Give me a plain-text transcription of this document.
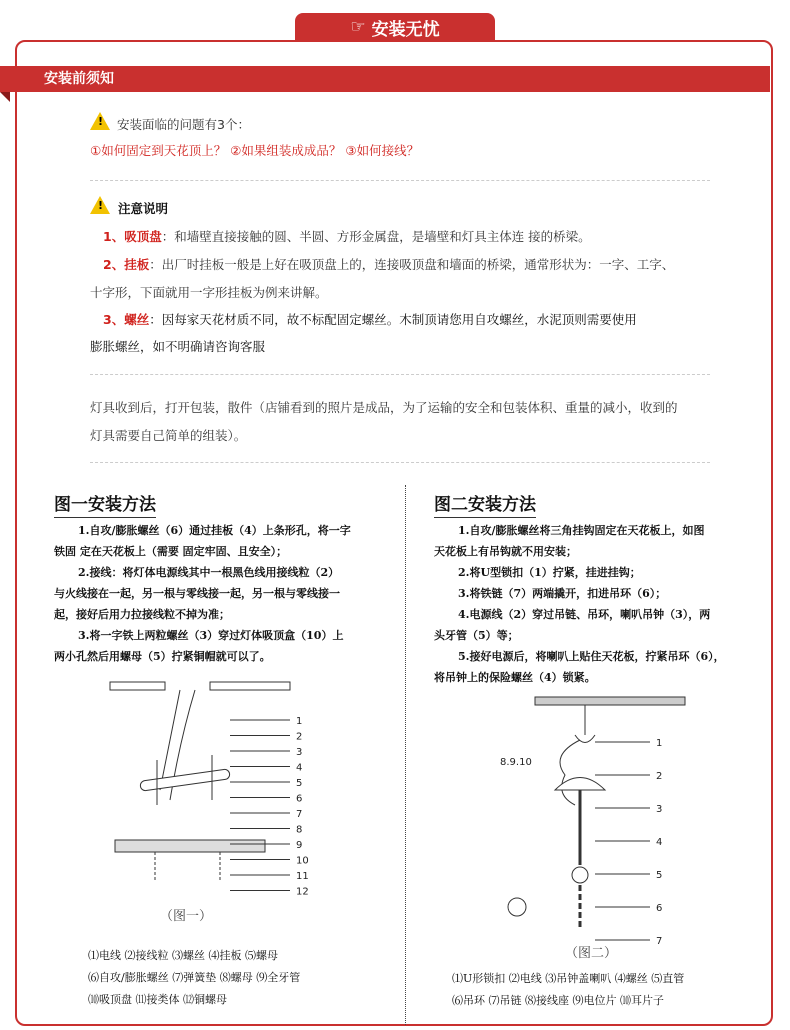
☞ 安装无忧
安装前须知
! 安装面临的问题有3个：
①如何固定到天花顶上？ ②如果组装成成品？ ③如何接线？
! 注意说明
1、吸顶盘：和墙壁直接接触的圆、半圆、方形金属盘，是墙壁和灯具主体连 接的桥梁。
2、挂板：出厂时挂板一般是上好在吸顶盘上的，连接吸顶盘和墙面的桥梁，通常形状为：一字、工字、
十字形，下面就用一字形挂板为例来讲解。
3、螺丝：因每家天花材质不同，故不标配固定螺丝。木制顶请您用自攻螺丝，水泥顶则需要使用
膨胀螺丝，如不明确请咨询客服
灯具收到后，打开包装，散件（店铺看到的照片是成品，为了运输的安全和包装体积、重量的减小，收到的
灯具需要自己简单的组装）。
图一安装方法
1.自攻/膨胀螺丝（6）通过挂板（4）上条形孔，将一字
铁固 定在天花板上（需要 固定牢固、且安全）；
2.接线：将灯体电源线其中一根黑色线用接线粒（2）
与火线接在一起，另一根与零线接一起，另一根与零线接一
起，接好后用力拉接线粒不掉为准；
3.将一字铁上两粒螺丝（3）穿过灯体吸顶盒（10）上
两小孔然后用螺母（5）拧紧铜帽就可以了。
1
2
3
4
5
6
7
8
9
10
11
12
（图一）
⑴电线 ⑵接线粒 ⑶螺丝 ⑷挂板 ⑸螺母
⑹自攻/膨胀螺丝 ⑺弹簧垫 ⑻螺母 ⑼全牙管
⑽吸顶盘 ⑾接类体 ⑿铜螺母
图二安装方法
1.自攻/膨胀螺丝将三角挂钩固定在天花板上，如图
天花板上有吊钩就不用安装；
2.将U型锁扣（1）拧紧，挂进挂钩；
3.将铁链（7）两端撬开，扣进吊环（6）；
4.电源线（2）穿过吊链、吊环，喇叭吊钟（3），两
头牙管（5）等；
5.接好电源后，将喇叭上贴住天花板，拧紧吊环（6），
将吊钟上的保险螺丝（4）锁紧。
8.9.10
1
2
3
4
5
6
7
（图二）
⑴U形锁扣 ⑵电线 ⑶吊钟盖喇叭 ⑷螺丝 ⑸直管
⑹吊环 ⑺吊链 ⑻接线座 ⑼电位片 ⑽耳片子
